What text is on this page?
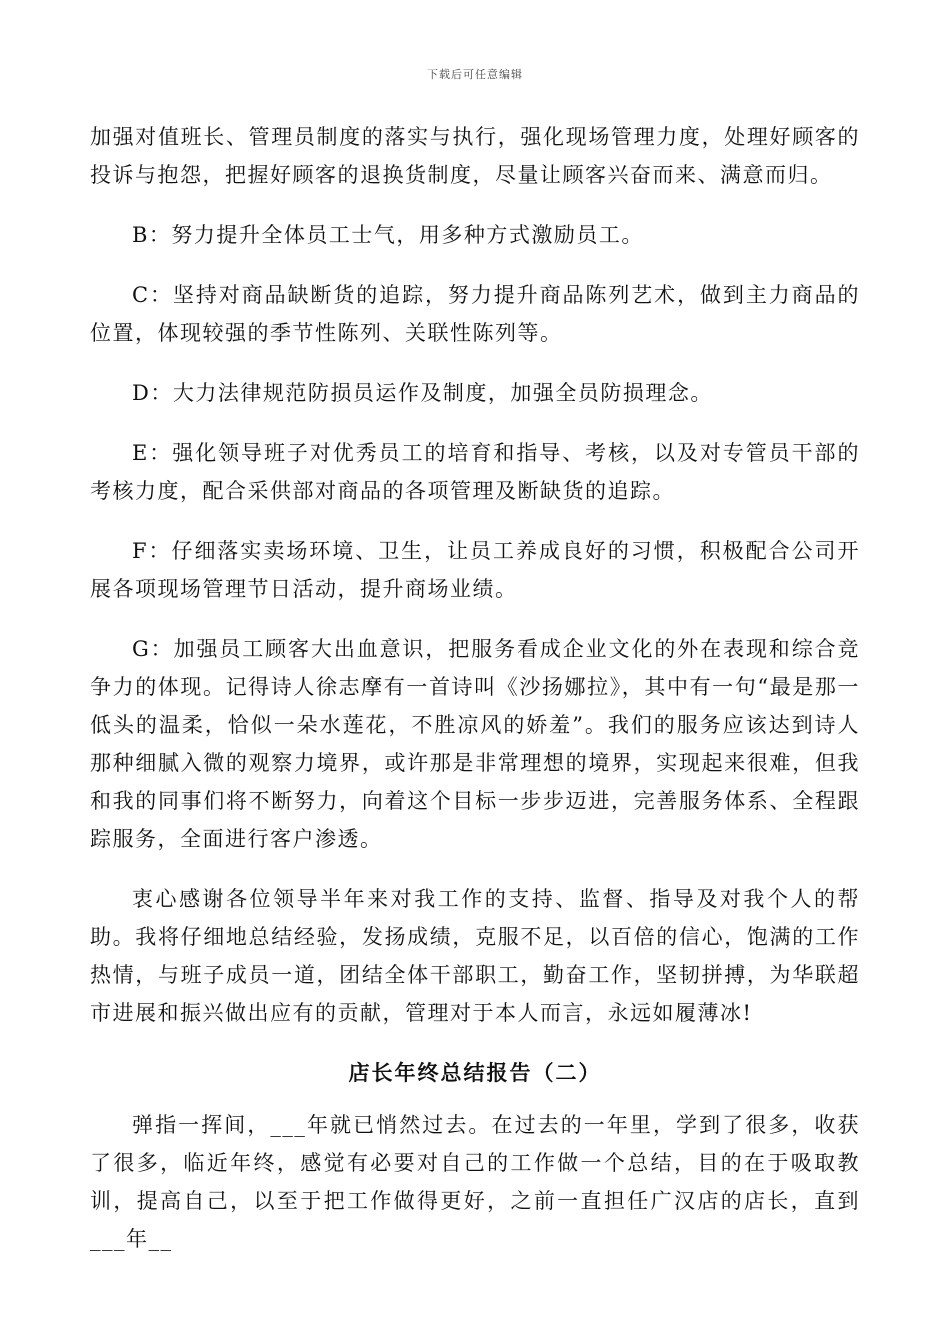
下载后可任意编辑

加强对值班长、管理员制度的落实与执行，强化现场管理力度，处理好顾客的投诉与抱怨，把握好顾客的退换货制度，尽量让顾客兴奋而来、满意而归。

B：努力提升全体员工士气，用多种方式激励员工。

C：坚持对商品缺断货的追踪，努力提升商品陈列艺术，做到主力商品的位置，体现较强的季节性陈列、关联性陈列等。

D：大力法律规范防损员运作及制度，加强全员防损理念。

E：强化领导班子对优秀员工的培育和指导、考核，以及对专管员干部的考核力度，配合采供部对商品的各项管理及断缺货的追踪。

F：仔细落实卖场环境、卫生，让员工养成良好的习惯，积极配合公司开展各项现场管理节日活动，提升商场业绩。

G：加强员工顾客大出血意识，把服务看成企业文化的外在表现和综合竞争力的体现。记得诗人徐志摩有一首诗叫《沙扬娜拉》，其中有一句“最是那一低头的温柔，恰似一朵水莲花，不胜凉风的娇羞”。我们的服务应该达到诗人那种细腻入微的观察力境界，或许那是非常理想的境界，实现起来很难，但我和我的同事们将不断努力，向着这个目标一步步迈进，完善服务体系、全程跟踪服务，全面进行客户渗透。

衷心感谢各位领导半年来对我工作的支持、监督、指导及对我个人的帮助。我将仔细地总结经验，发扬成绩，克服不足，以百倍的信心，饱满的工作热情，与班子成员一道，团结全体干部职工，勤奋工作，坚韧拼搏，为华联超市进展和振兴做出应有的贡献，管理对于本人而言，永远如履薄冰!

店长年终总结报告（二）

弹指一挥间，___年就已悄然过去。在过去的一年里，学到了很多，收获了很多，临近年终，感觉有必要对自己的工作做一个总结，目的在于吸取教训，提高自己，以至于把工作做得更好，之前一直担任广汉店的店长，直到___年__
